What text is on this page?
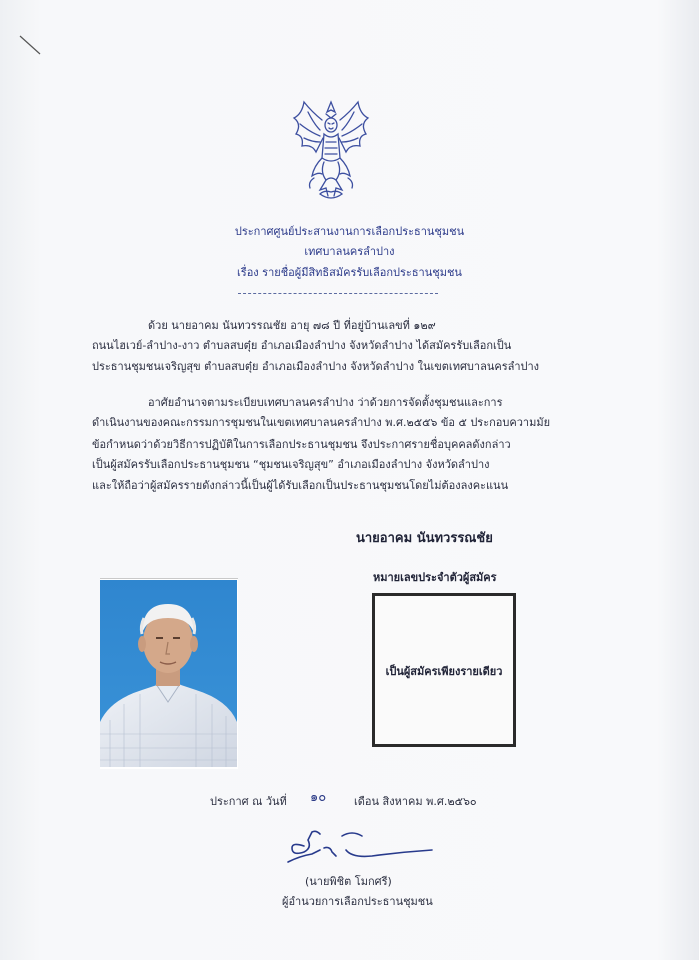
ประกาศศูนย์ประสานงานการเลือกประธานชุมชน
เทศบาลนครลำปาง
เรื่อง รายชื่อผู้มีสิทธิสมัครรับเลือกประธานชุมชน
ด้วย นายอาคม นันทวรรณชัย อายุ ๗๘ ปี ที่อยู่บ้านเลขที่ ๑๒๙
ถนนไฮเวย์-ลำปาง-งาว ตำบลสบตุ๋ย อำเภอเมืองลำปาง จังหวัดลำปาง ได้สมัครรับเลือกเป็น
ประธานชุมชนเจริญสุข ตำบลสบตุ๋ย อำเภอเมืองลำปาง จังหวัดลำปาง ในเขตเทศบาลนครลำปาง
อาศัยอำนาจตามระเบียบเทศบาลนครลำปาง ว่าด้วยการจัดตั้งชุมชนและการ
ดำเนินงานของคณะกรรมการชุมชนในเขตเทศบาลนครลำปาง พ.ศ.๒๕๕๖ ข้อ ๕ ประกอบความมัย
ข้อกำหนดว่าด้วยวิธีการปฏิบัติในการเลือกประธานชุมชน จึงประกาศรายชื่อบุคคลดังกล่าว
เป็นผู้สมัครรับเลือกประธานชุมชน “ชุมชนเจริญสุข” อำเภอเมืองลำปาง จังหวัดลำปาง
และให้ถือว่าผู้สมัครรายดังกล่าวนี้เป็นผู้ได้รับเลือกเป็นประธานชุมชนโดยไม่ต้องลงคะแนน
นายอาคม นันทวรรณชัย
หมายเลขประจำตัวผู้สมัคร
เป็นผู้สมัครเพียงรายเดียว
ประกาศ ณ วันที่ ๑๐	เดือน สิงหาคม พ.ศ.๒๕๖๐
(นายพิชิต โมกศรี)
ผู้อำนวยการเลือกประธานชุมชน
